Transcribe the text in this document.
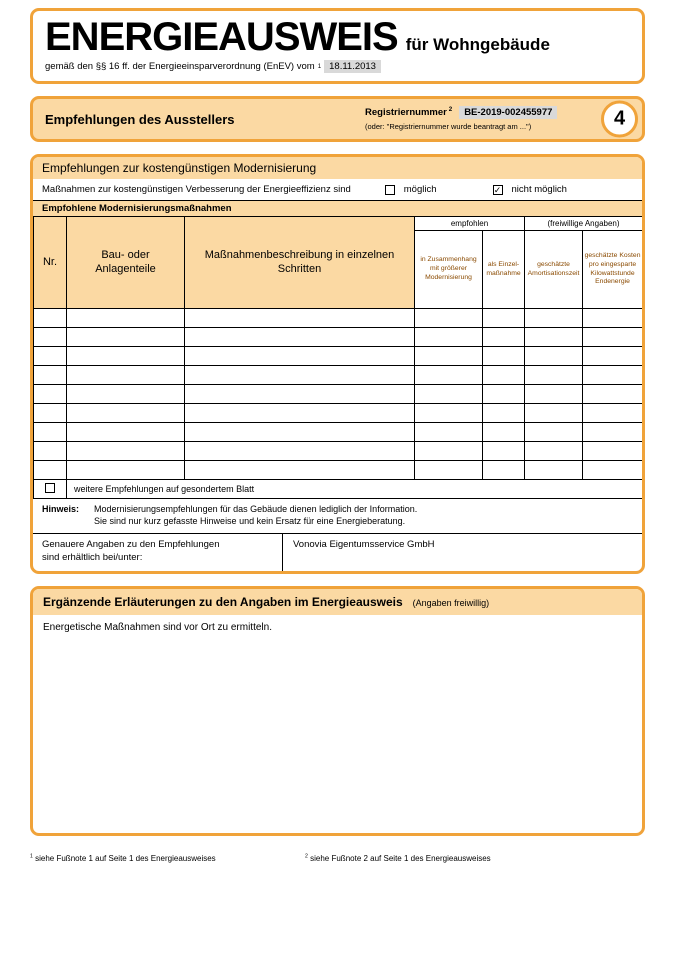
ENERGIEAUSWEIS für Wohngebäude
gemäß den §§ 16 ff. der Energieeinsparverordnung (EnEV) vom 1 18.11.2013
Empfehlungen des Ausstellers	Registriernummer  $^2$	BE-2019-002455977
(oder: "Registriernummer wurde beantragt am ...")	4
Empfehlungen zur kostengünstigen Modernisierung
Maßnahmen zur kostengünstigen Verbesserung der Energieeffizienz sind	möglich	✓ nicht möglich
Empfohlene Modernisierungsmaßnahmen
Nr.	Bau- oder Anlagenteile	Maßnahmenbeschreibung in einzelnen Schritten	empfohlen		(freiwillige Angaben)	
			in Zusammenhang mit größerer Modernisierung	als Einzelmaßnahme	geschätzte Amortisationszeit	geschätzte Kosten pro eingesparte Kilowattstunde Endenergie

	weitere Empfehlungen auf gesondertem Blatt					
Hinweis:	Modernisierungsempfehlungen für das Gebäude dienen lediglich der Information.
Sie sind nur kurz gefasste Hinweise und kein Ersatz für eine Energieberatung.
Genauere Angaben zu den Empfehlungen
sind erhältlich bei/unter:
Vonovia Eigentumsservice GmbH
Ergänzende Erläuterungen zu den Angaben im Energieausweis (Angaben freiwillig)
Energetische Maßnahmen sind vor Ort zu ermitteln.
$^1$ siehe Fußnote 1 auf Seite 1 des Energieausweises	$^2$ siehe Fußnote 2 auf Seite 1 des Energieausweises
